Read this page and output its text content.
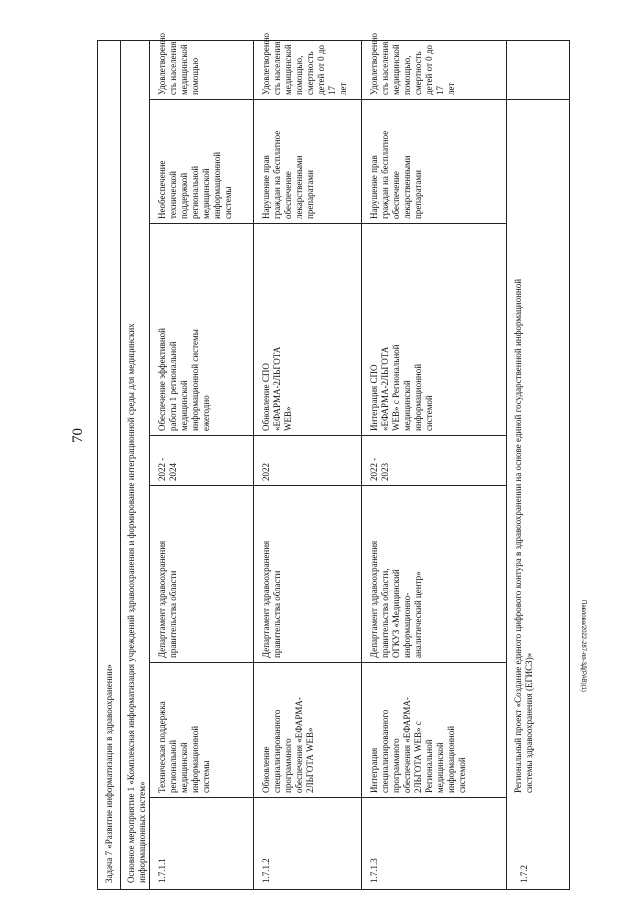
70
Павлова/2022-287-пп-3Д(РАВ)(1)
Задача 7 «Развитие информатизации в здравоохранении» Основное мероприятие 1 «Комплексная информатизация учреждений здравоохранения и формирование интеграционной среды для медицинских информационных систем» 1.7.1.1
Техническая поддержка региональной медицинской информационной системы
Департамент здравоохранения правительства области
2022 - 2024
Обеспечение эффективной работы 1 региональной медицинской информационной системы ежегодно
Необеспечение технической поддержкой региональной медицинской информационной системы
Удовлетворенно сть населения медицинской помощью
1.7.1.2
Обновление специализированного программного обеспечения «ЕФАРМА- 2ЛЬГОТА WEB»
Департамент здравоохранения правительства области
2022
Обновление СПО «ЕФАРМА-2ЛЬГОТА WEB»
Нарушение прав граждан на бесплатное обеспечение лекарственными препаратами
Удовлетворенно сть населения медицинской помощью, смертность детей от 0 до 17 лет
1.7.1.3
Интеграция специализированного программного обеспечения «ЕФАРМА- 2ЛЬГОТА WEB» с Региональной медицинской информационной системой
Департамент здравоохранения правительства области, ОГКУЗ «Медицинский информационно- аналитический центр»
2022 - 2023
Интеграция СПО «ЕФАРМА-2ЛЬГОТА WEB» с Региональной медицинской информационной системой
Нарушение прав граждан на бесплатное обеспечение лекарственными препаратами
Удовлетворенно сть населения медицинской помощью, смертность детей от 0 до 17 лет
1.7.2
Региональный проект «Создание единого цифрового контура в здравоохранении на основе единой государственной информационной системы здравоохранения (ЕГИСЗ)»
